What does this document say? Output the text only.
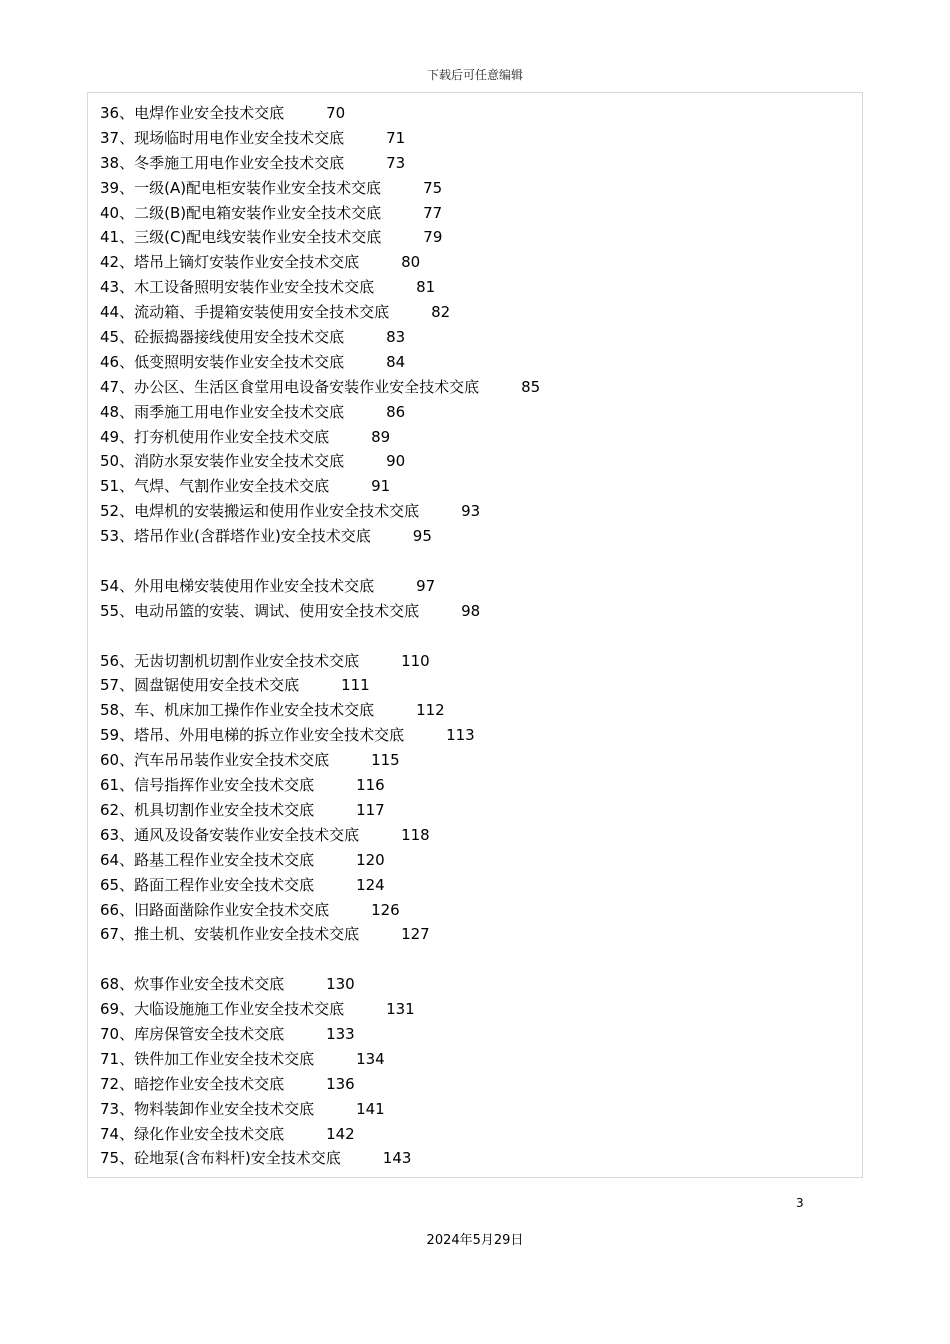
下载后可任意编辑
36、电焊作业安全技术交底	70
37、现场临时用电作业安全技术交底	71
38、冬季施工用电作业安全技术交底	73
39、一级(A)配电柜安装作业安全技术交底	75
40、二级(B)配电箱安装作业安全技术交底	77
41、三级(C)配电线安装作业安全技术交底	79
42、塔吊上镝灯安装作业安全技术交底	80
43、木工设备照明安装作业安全技术交底	81
44、流动箱、手提箱安装使用安全技术交底	82
45、砼振捣器接线使用安全技术交底	83
46、低变照明安装作业安全技术交底	84
47、办公区、生活区食堂用电设备安装作业安全技术交底	85
48、雨季施工用电作业安全技术交底	86
49、打夯机使用作业安全技术交底	89
50、消防水泵安装作业安全技术交底	90
51、气焊、气割作业安全技术交底	91
52、电焊机的安装搬运和使用作业安全技术交底	93
53、塔吊作业(含群塔作业)安全技术交底	95
54、外用电梯安装使用作业安全技术交底	97
55、电动吊篮的安装、调试、使用安全技术交底	98
56、无齿切割机切割作业安全技术交底	110
57、圆盘锯使用安全技术交底	111
58、车、机床加工操作作业安全技术交底	112
59、塔吊、外用电梯的拆立作业安全技术交底	113
60、汽车吊吊装作业安全技术交底	115
61、信号指挥作业安全技术交底	116
62、机具切割作业安全技术交底	117
63、通风及设备安装作业安全技术交底	118
64、路基工程作业安全技术交底	120
65、路面工程作业安全技术交底	124
66、旧路面凿除作业安全技术交底	126
67、推土机、安装机作业安全技术交底	127
68、炊事作业安全技术交底	130
69、大临设施施工作业安全技术交底	131
70、库房保管安全技术交底	133
71、铁件加工作业安全技术交底	134
72、暗挖作业安全技术交底	136
73、物料装卸作业安全技术交底	141
74、绿化作业安全技术交底	142
75、砼地泵(含布料杆)安全技术交底	143
3
2024年5月29日
